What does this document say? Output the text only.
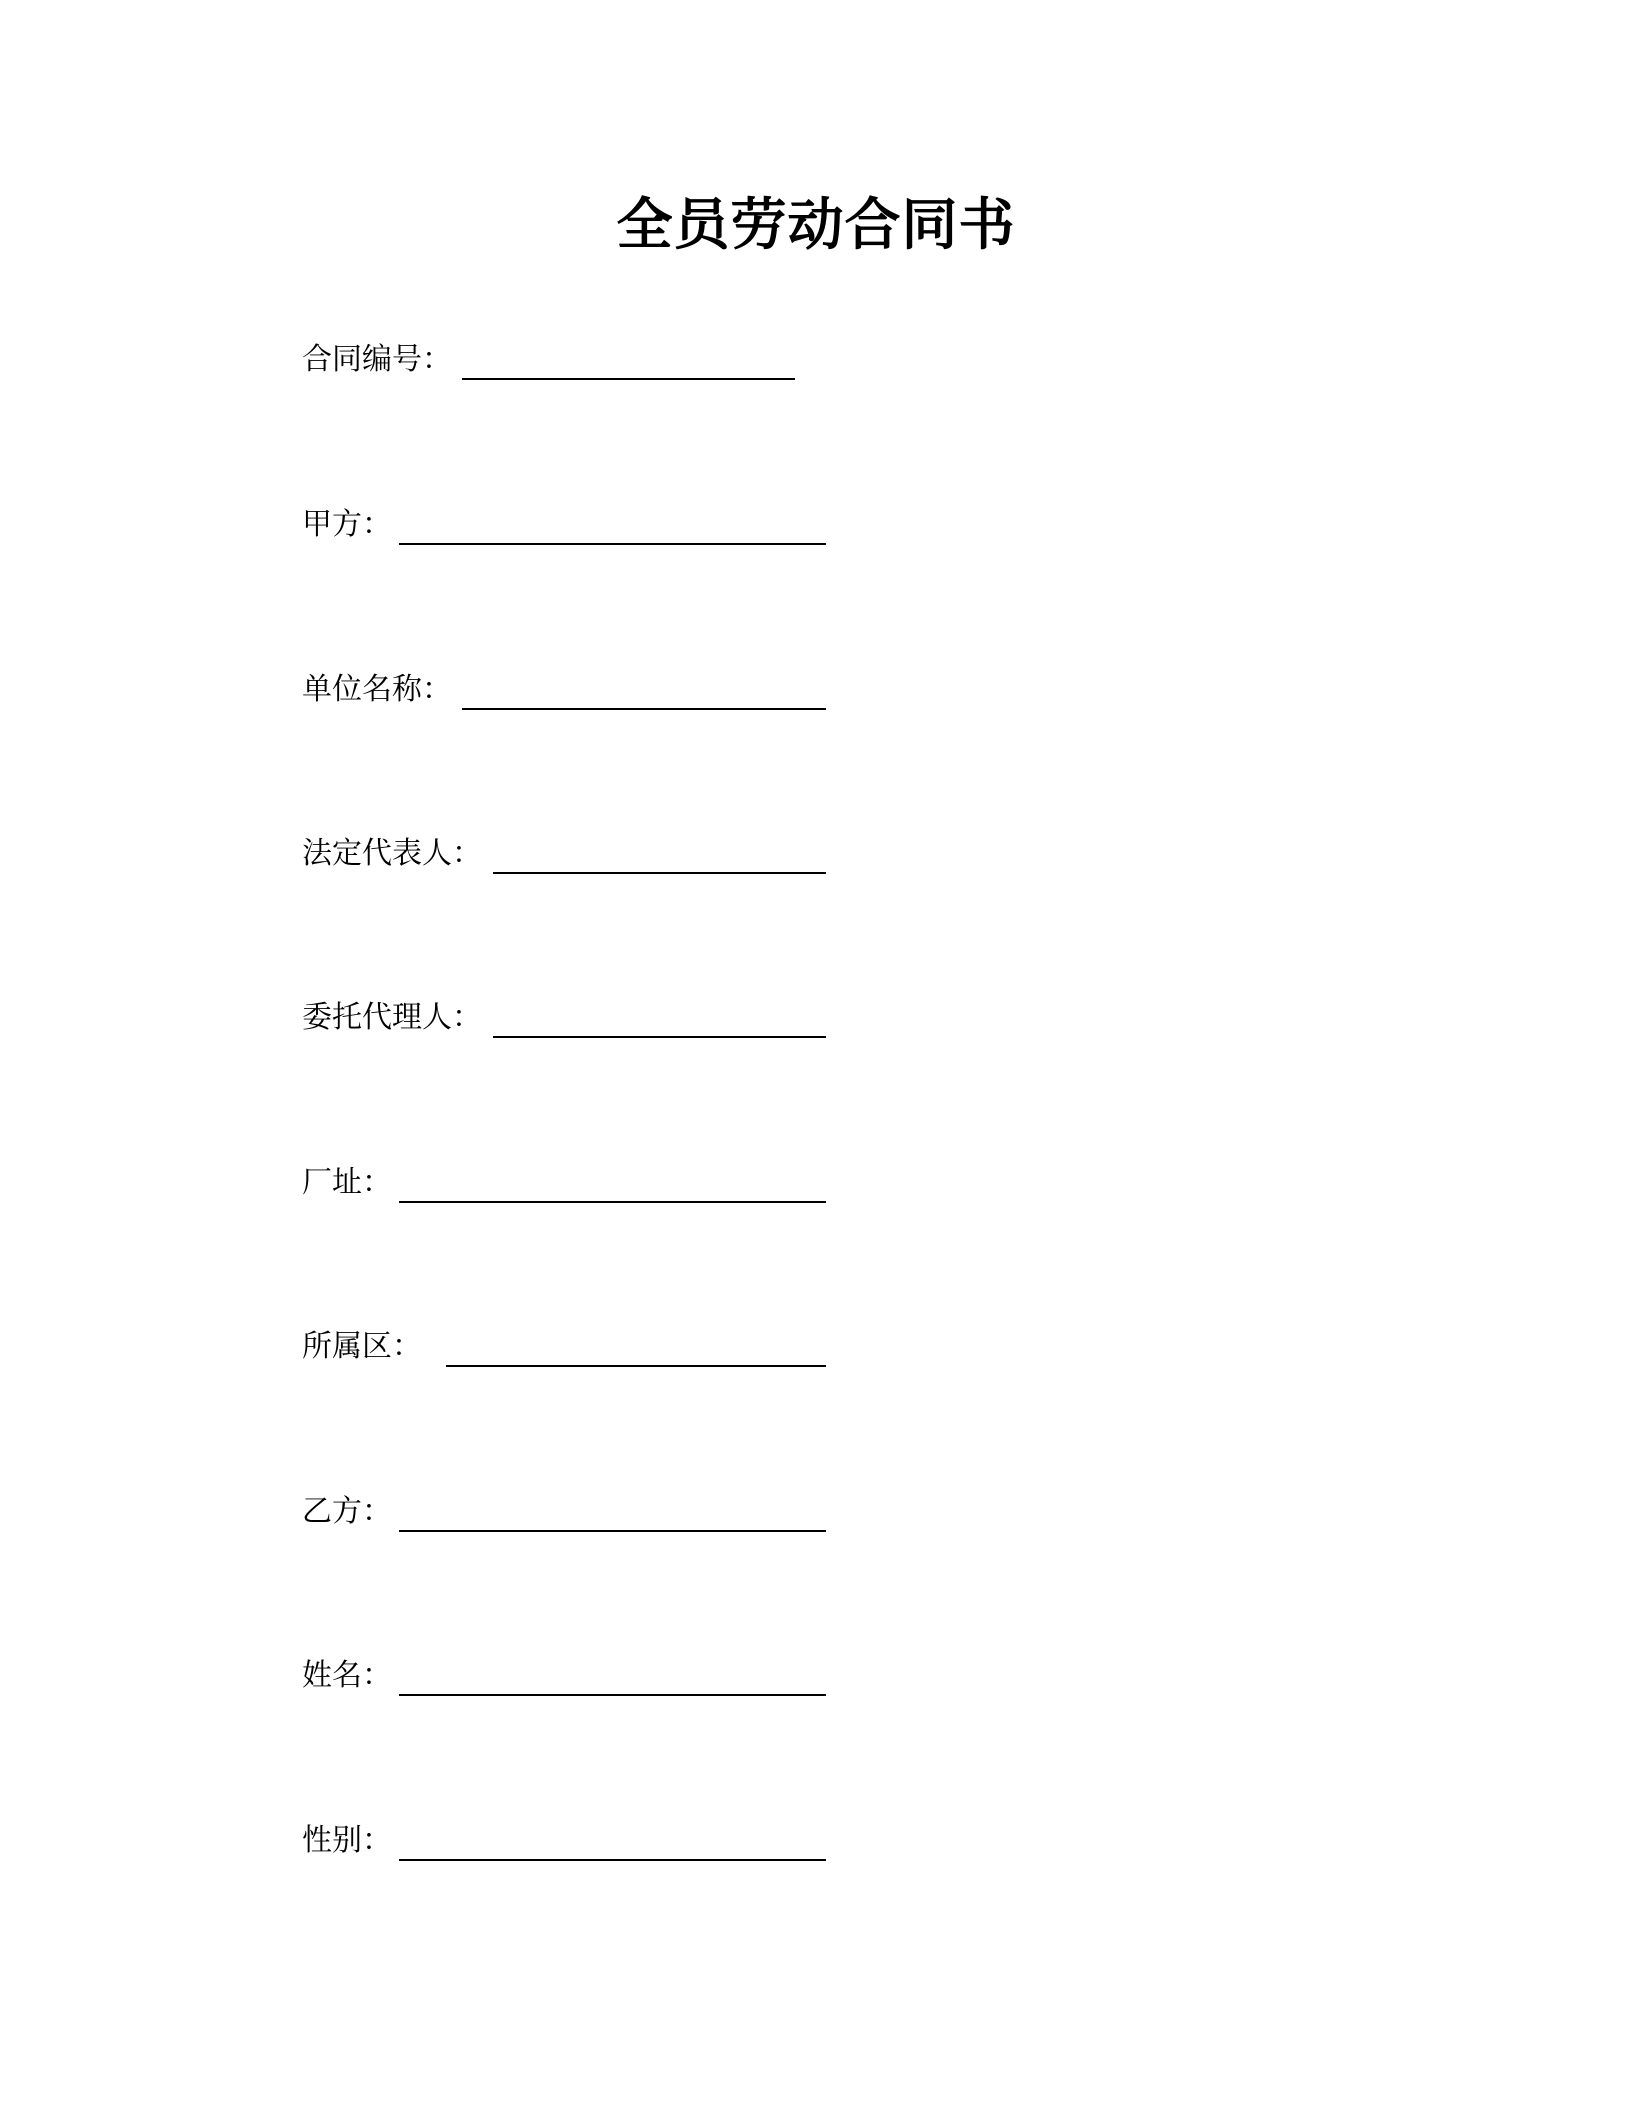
全员劳动合同书
合同编号：
甲方：
单位名称：
法定代表人：
委托代理人：
厂址：
所属区：
乙方：
姓名：
性别：
